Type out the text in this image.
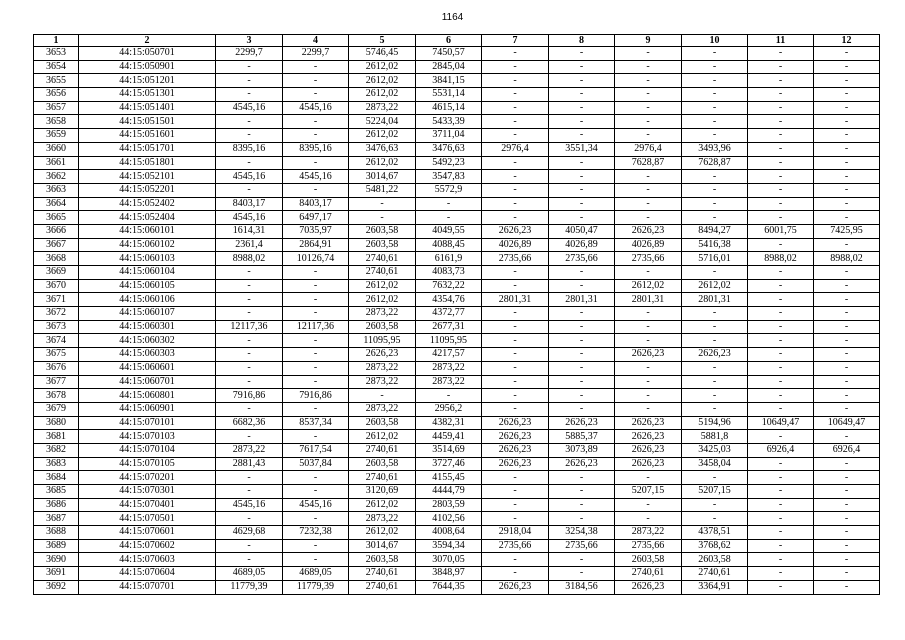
1164
1	2	3	4	5	6	7	8	9	10	11	12
3653	44:15:050701	2299,7	2299,7	5746,45	7450,57	-	-	-	-	-	-
3654	44:15:050901	-	-	2612,02	2845,04	-	-	-	-	-	-
3655	44:15:051201	-	-	2612,02	3841,15	-	-	-	-	-	-
3656	44:15:051301	-	-	2612,02	5531,14	-	-	-	-	-	-
3657	44:15:051401	4545,16	4545,16	2873,22	4615,14	-	-	-	-	-	-
3658	44:15:051501	-	-	5224,04	5433,39	-	-	-	-	-	-
3659	44:15:051601	-	-	2612,02	3711,04	-	-	-	-	-	-
3660	44:15:051701	8395,16	8395,16	3476,63	3476,63	2976,4	3551,34	2976,4	3493,96	-	-
3661	44:15:051801	-	-	2612,02	5492,23	-	-	7628,87	7628,87	-	-
3662	44:15:052101	4545,16	4545,16	3014,67	3547,83	-	-	-	-	-	-
3663	44:15:052201	-	-	5481,22	5572,9	-	-	-	-	-	-
3664	44:15:052402	8403,17	8403,17	-	-	-	-	-	-	-	-
3665	44:15:052404	4545,16	6497,17	-	-	-	-	-	-	-	-
3666	44:15:060101	1614,31	7035,97	2603,58	4049,55	2626,23	4050,47	2626,23	8494,27	6001,75	7425,95
3667	44:15:060102	2361,4	2864,91	2603,58	4088,45	4026,89	4026,89	4026,89	5416,38	-	-
3668	44:15:060103	8988,02	10126,74	2740,61	6161,9	2735,66	2735,66	2735,66	5716,01	8988,02	8988,02
3669	44:15:060104	-	-	2740,61	4083,73	-	-	-	-	-	-
3670	44:15:060105	-	-	2612,02	7632,22	-	-	2612,02	2612,02	-	-
3671	44:15:060106	-	-	2612,02	4354,76	2801,31	2801,31	2801,31	2801,31	-	-
3672	44:15:060107	-	-	2873,22	4372,77	-	-	-	-	-	-
3673	44:15:060301	12117,36	12117,36	2603,58	2677,31	-	-	-	-	-	-
3674	44:15:060302	-	-	11095,95	11095,95	-	-	-	-	-	-
3675	44:15:060303	-	-	2626,23	4217,57	-	-	2626,23	2626,23	-	-
3676	44:15:060601	-	-	2873,22	2873,22	-	-	-	-	-	-
3677	44:15:060701	-	-	2873,22	2873,22	-	-	-	-	-	-
3678	44:15:060801	7916,86	7916,86	-	-	-	-	-	-	-	-
3679	44:15:060901	-	-	2873,22	2956,2	-	-	-	-	-	-
3680	44:15:070101	6682,36	8537,34	2603,58	4382,31	2626,23	2626,23	2626,23	5194,96	10649,47	10649,47
3681	44:15:070103	-	-	2612,02	4459,41	2626,23	5885,37	2626,23	5881,8	-	-
3682	44:15:070104	2873,22	7617,54	2740,61	3514,69	2626,23	3073,89	2626,23	3425,03	6926,4	6926,4
3683	44:15:070105	2881,43	5037,84	2603,58	3727,46	2626,23	2626,23	2626,23	3458,04	-	-
3684	44:15:070201	-	-	2740,61	4155,45	-	-	-	-	-	-
3685	44:15:070301	-	-	3120,69	4444,79	-	-	5207,15	5207,15	-	-
3686	44:15:070401	4545,16	4545,16	2612,02	2803,59	-	-	-	-	-	-
3687	44:15:070501	-	-	2873,22	4102,56	-	-	-	-	-	-
3688	44:15:070601	4629,68	7232,38	2612,02	4008,64	2918,04	3254,38	2873,22	4378,51	-	-
3689	44:15:070602	-	-	3014,67	3594,34	2735,66	2735,66	2735,66	3768,62	-	-
3690	44:15:070603	-	-	2603,58	3070,05	-	-	2603,58	2603,58	-	-
3691	44:15:070604	4689,05	4689,05	2740,61	3848,97	-	-	2740,61	2740,61	-	-
3692	44:15:070701	11779,39	11779,39	2740,61	7644,35	2626,23	3184,56	2626,23	3364,91	-	-
